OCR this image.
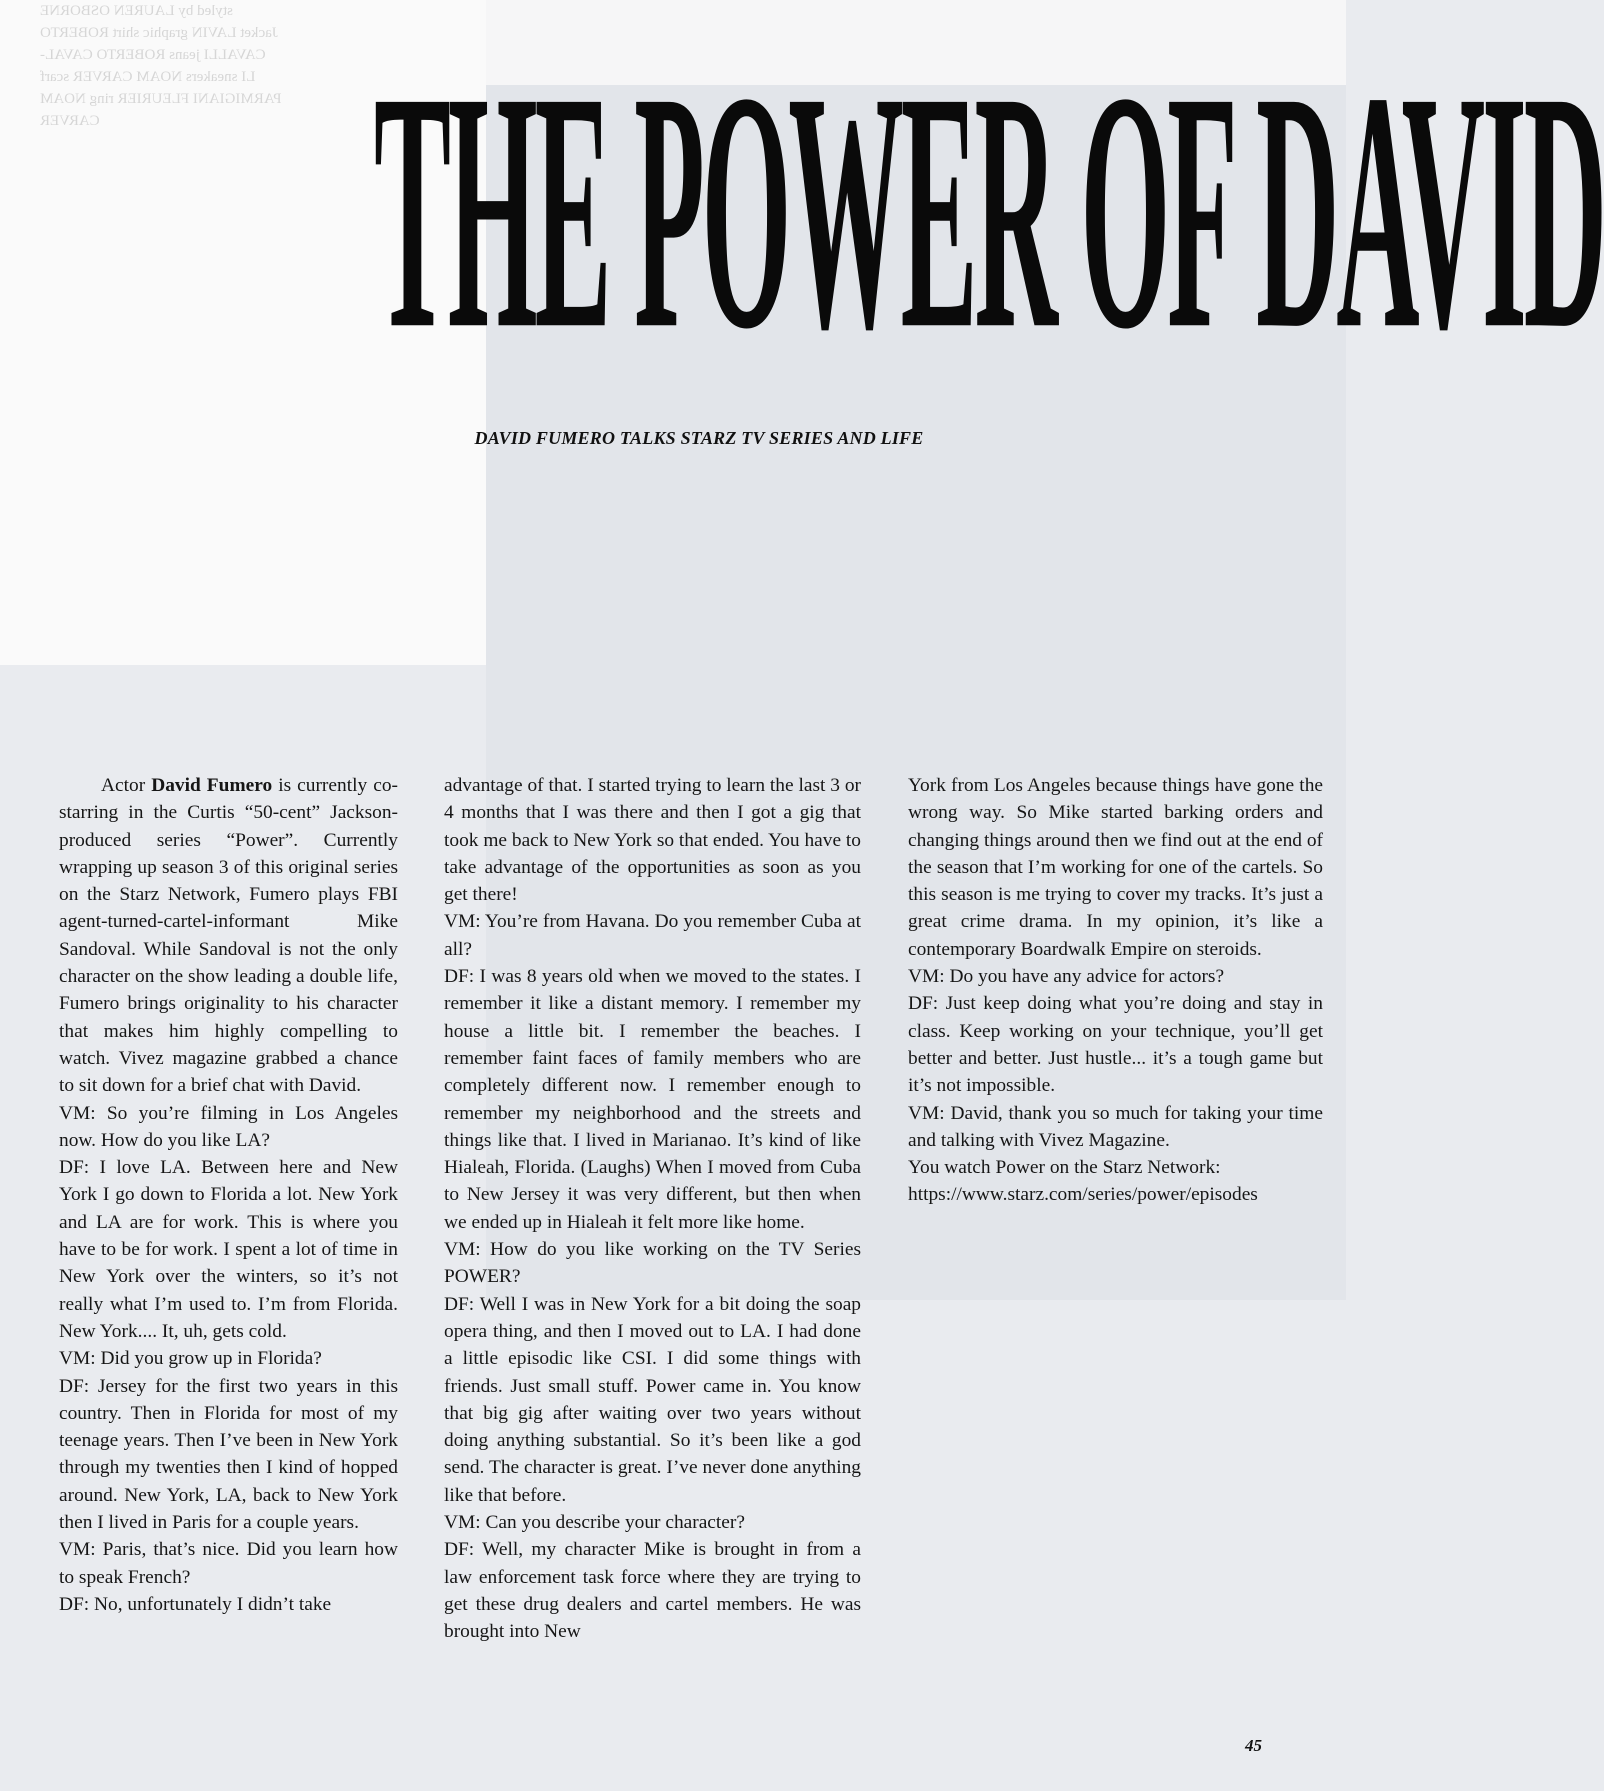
styled by LAUREN OSBORNE
Jacket LAVIN graphic shirt ROBERTO
CAVALLI jeans ROBERTO CAVAL-
LI sneakers NOAM CARVER scarf
PARMIGIANI FLEURIER ring NOAM
CARVER	THE POWER OF DAVID
DAVID FUMERO TALKS STARZ TV SERIES AND LIFE

Actor David Fumero is currently co-starring in the Curtis “50-cent” Jackson-produced series “Power”. Currently wrapping up season 3 of this original series on the Starz Network, Fumero plays FBI agent-turned-cartel-informant Mike Sandoval. While Sandoval is not the only character on the show leading a double life, Fumero brings originality to his character that makes him highly compelling to watch. Vivez magazine grabbed a chance to sit down for a brief chat with David.

VM: So you’re filming in Los Angeles now. How do you like LA?

DF: I love LA. Between here and New York I go down to Florida a lot. New York and LA are for work. This is where you have to be for work. I spent a lot of time in New York over the winters, so it’s not really what I’m used to. I’m from Florida. New York.... It, uh, gets cold.

VM: Did you grow up in Florida?

DF: Jersey for the first two years in this country. Then in Florida for most of my teenage years. Then I’ve been in New York through my twenties then I kind of hopped around. New York, LA, back to New York then I lived in Paris for a couple years.

VM: Paris, that’s nice. Did you learn how to speak French?

DF: No, unfortunately I didn’t take

advantage of that. I started trying to learn the last 3 or 4 months that I was there and then I got a gig that took me back to New York so that ended. You have to take advantage of the opportunities as soon as you get there!

VM: You’re from Havana. Do you remember Cuba at all?

DF: I was 8 years old when we moved to the states. I remember it like a distant memory. I remember my house a little bit. I remember the beaches. I remember faint faces of family members who are completely different now. I remember enough to remember my neighborhood and the streets and things like that. I lived in Marianao. It’s kind of like Hialeah, Florida. (Laughs) When I moved from Cuba to New Jersey it was very different, but then when we ended up in Hialeah it felt more like home.

VM: How do you like working on the TV Series POWER?

DF: Well I was in New York for a bit doing the soap opera thing, and then I moved out to LA. I had done a little episodic like CSI. I did some things with friends. Just small stuff. Power came in. You know that big gig after waiting over two years without doing anything substantial. So it’s been like a god send. The character is great. I’ve never done anything like that before.

VM: Can you describe your character?

DF: Well, my character Mike is brought in from a law enforcement task force where they are trying to get these drug dealers and cartel members. He was brought into New

York from Los Angeles because things have gone the wrong way. So Mike started barking orders and changing things around then we find out at the end of the season that I’m working for one of the cartels. So this season is me trying to cover my tracks. It’s just a great crime drama. In my opinion, it’s like a contemporary Boardwalk Empire on steroids.

VM: Do you have any advice for actors?

DF: Just keep doing what you’re doing and stay in class. Keep working on your technique, you’ll get better and better. Just hustle... it’s a tough game but it’s not impossible.

VM: David, thank you so much for taking your time and talking with Vivez Magazine.

You watch Power on the Starz Network:

https://www.starz.com/series/power/episodes

45
